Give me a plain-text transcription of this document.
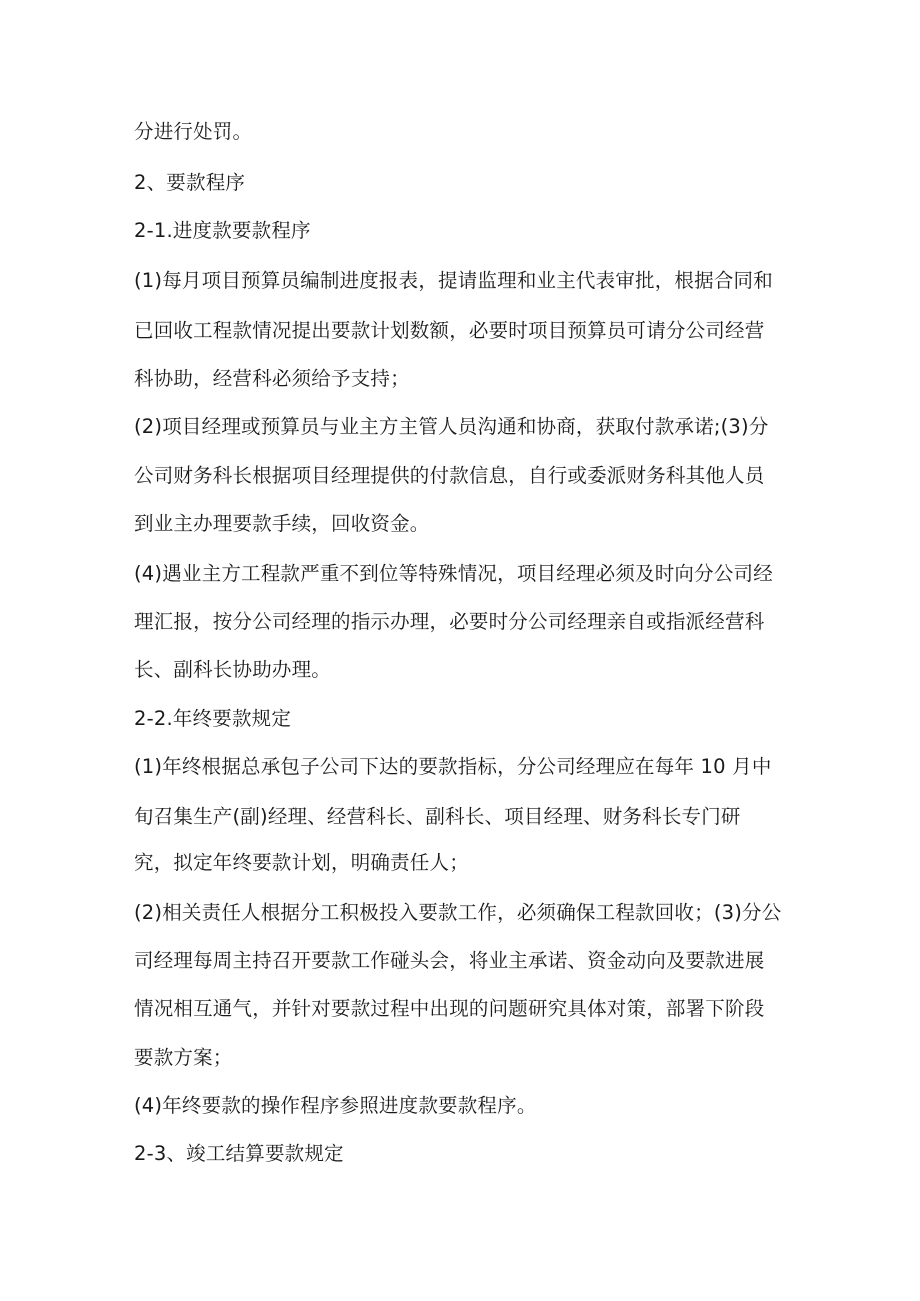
分进行处罚。
2、要款程序
2-1.进度款要款程序
(1)每月项目预算员编制进度报表，提请监理和业主代表审批，根据合同和
已回收工程款情况提出要款计划数额，必要时项目预算员可请分公司经营
科协助，经营科必须给予支持；
(2)项目经理或预算员与业主方主管人员沟通和协商，获取付款承诺;(3)分
公司财务科长根据项目经理提供的付款信息，自行或委派财务科其他人员
到业主办理要款手续，回收资金。
(4)遇业主方工程款严重不到位等特殊情况，项目经理必须及时向分公司经
理汇报，按分公司经理的指示办理，必要时分公司经理亲自或指派经营科
长、副科长协助办理。
2-2.年终要款规定
(1)年终根据总承包子公司下达的要款指标，分公司经理应在每年 10 月中
旬召集生产(副)经理、经营科长、副科长、项目经理、财务科长专门研
究，拟定年终要款计划，明确责任人；
(2)相关责任人根据分工积极投入要款工作，必须确保工程款回收；(3)分公
司经理每周主持召开要款工作碰头会，将业主承诺、资金动向及要款进展
情况相互通气，并针对要款过程中出现的问题研究具体对策，部署下阶段
要款方案；
(4)年终要款的操作程序参照进度款要款程序。
2-3、竣工结算要款规定
